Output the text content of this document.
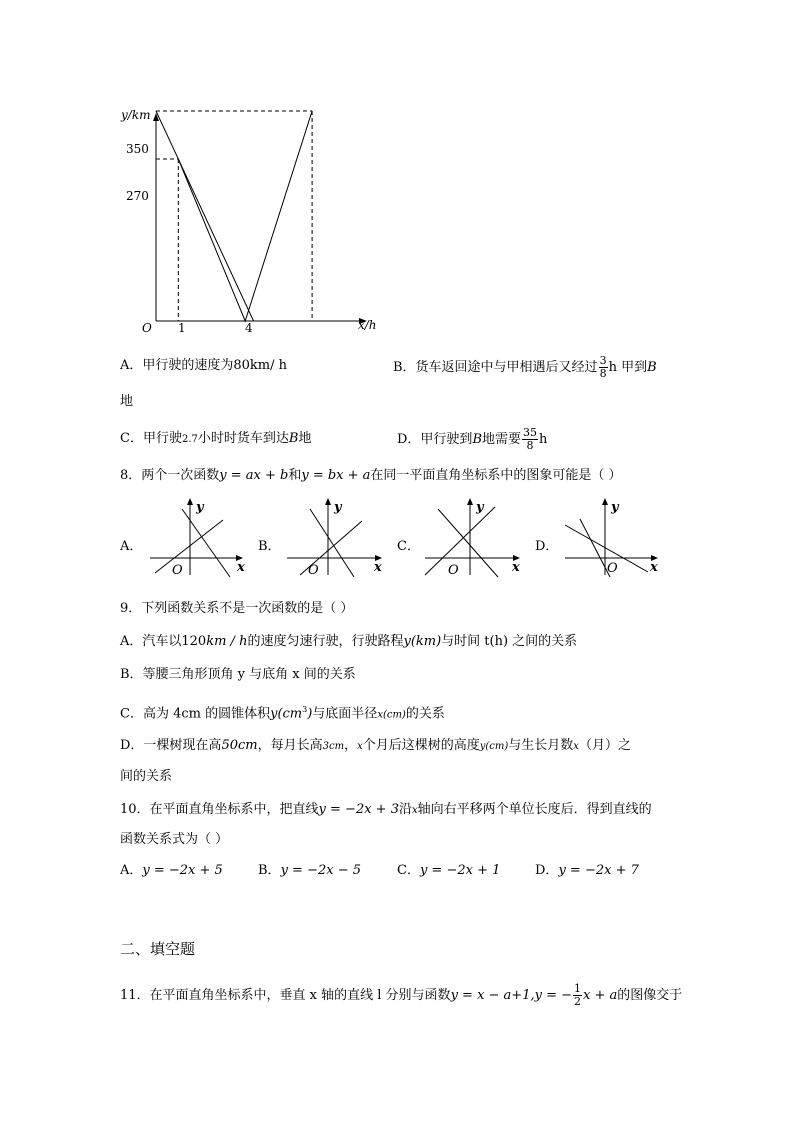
y/km
x/h
O
350
270
1	4
A．甲行驶的速度为80km/ h	B．货车返回途中与甲相遇后又经过 $\frac{3}{8}$ h 甲到B
地
C．甲行驶2.7小时时货车到达B地	D．甲行驶到B地需要 $\frac{35}{8}$ h
8．两个一次函数y = ax + b和y = bx + a在同一平面直角坐标系中的图象可能是（ ）
A．	B．	C．	D．
y
x
O
y
x
O
y
x
O
y
x
O
9．下列函数关系不是一次函数的是（ ）
A．汽车以120km / h的速度匀速行驶，行驶路程y(km)与时间 t(h) 之间的关系
B．等腰三角形顶角 y 与底角 x 间的关系
C．高为 4cm 的圆锥体积$y(cm^3)$与底面半径x(cm)的关系
D．一棵树现在高50cm，每月长高3cm，x个月后这棵树的高度y(cm)与生长月数x（月）之
间的关系
10．在平面直角坐标系中，把直线y = −2x + 3沿x轴向右平移两个单位长度后．得到直线的
函数关系式为（ ）
A．y = −2x + 5	B．y = −2x − 5	C．y = −2x + 1	D．y = −2x + 7
二、填空题
11．在平面直角坐标系中，垂直 x 轴的直线 l 分别与函数y = x − a+1,y = − $\frac{1}{2}$ x + a的图像交于
